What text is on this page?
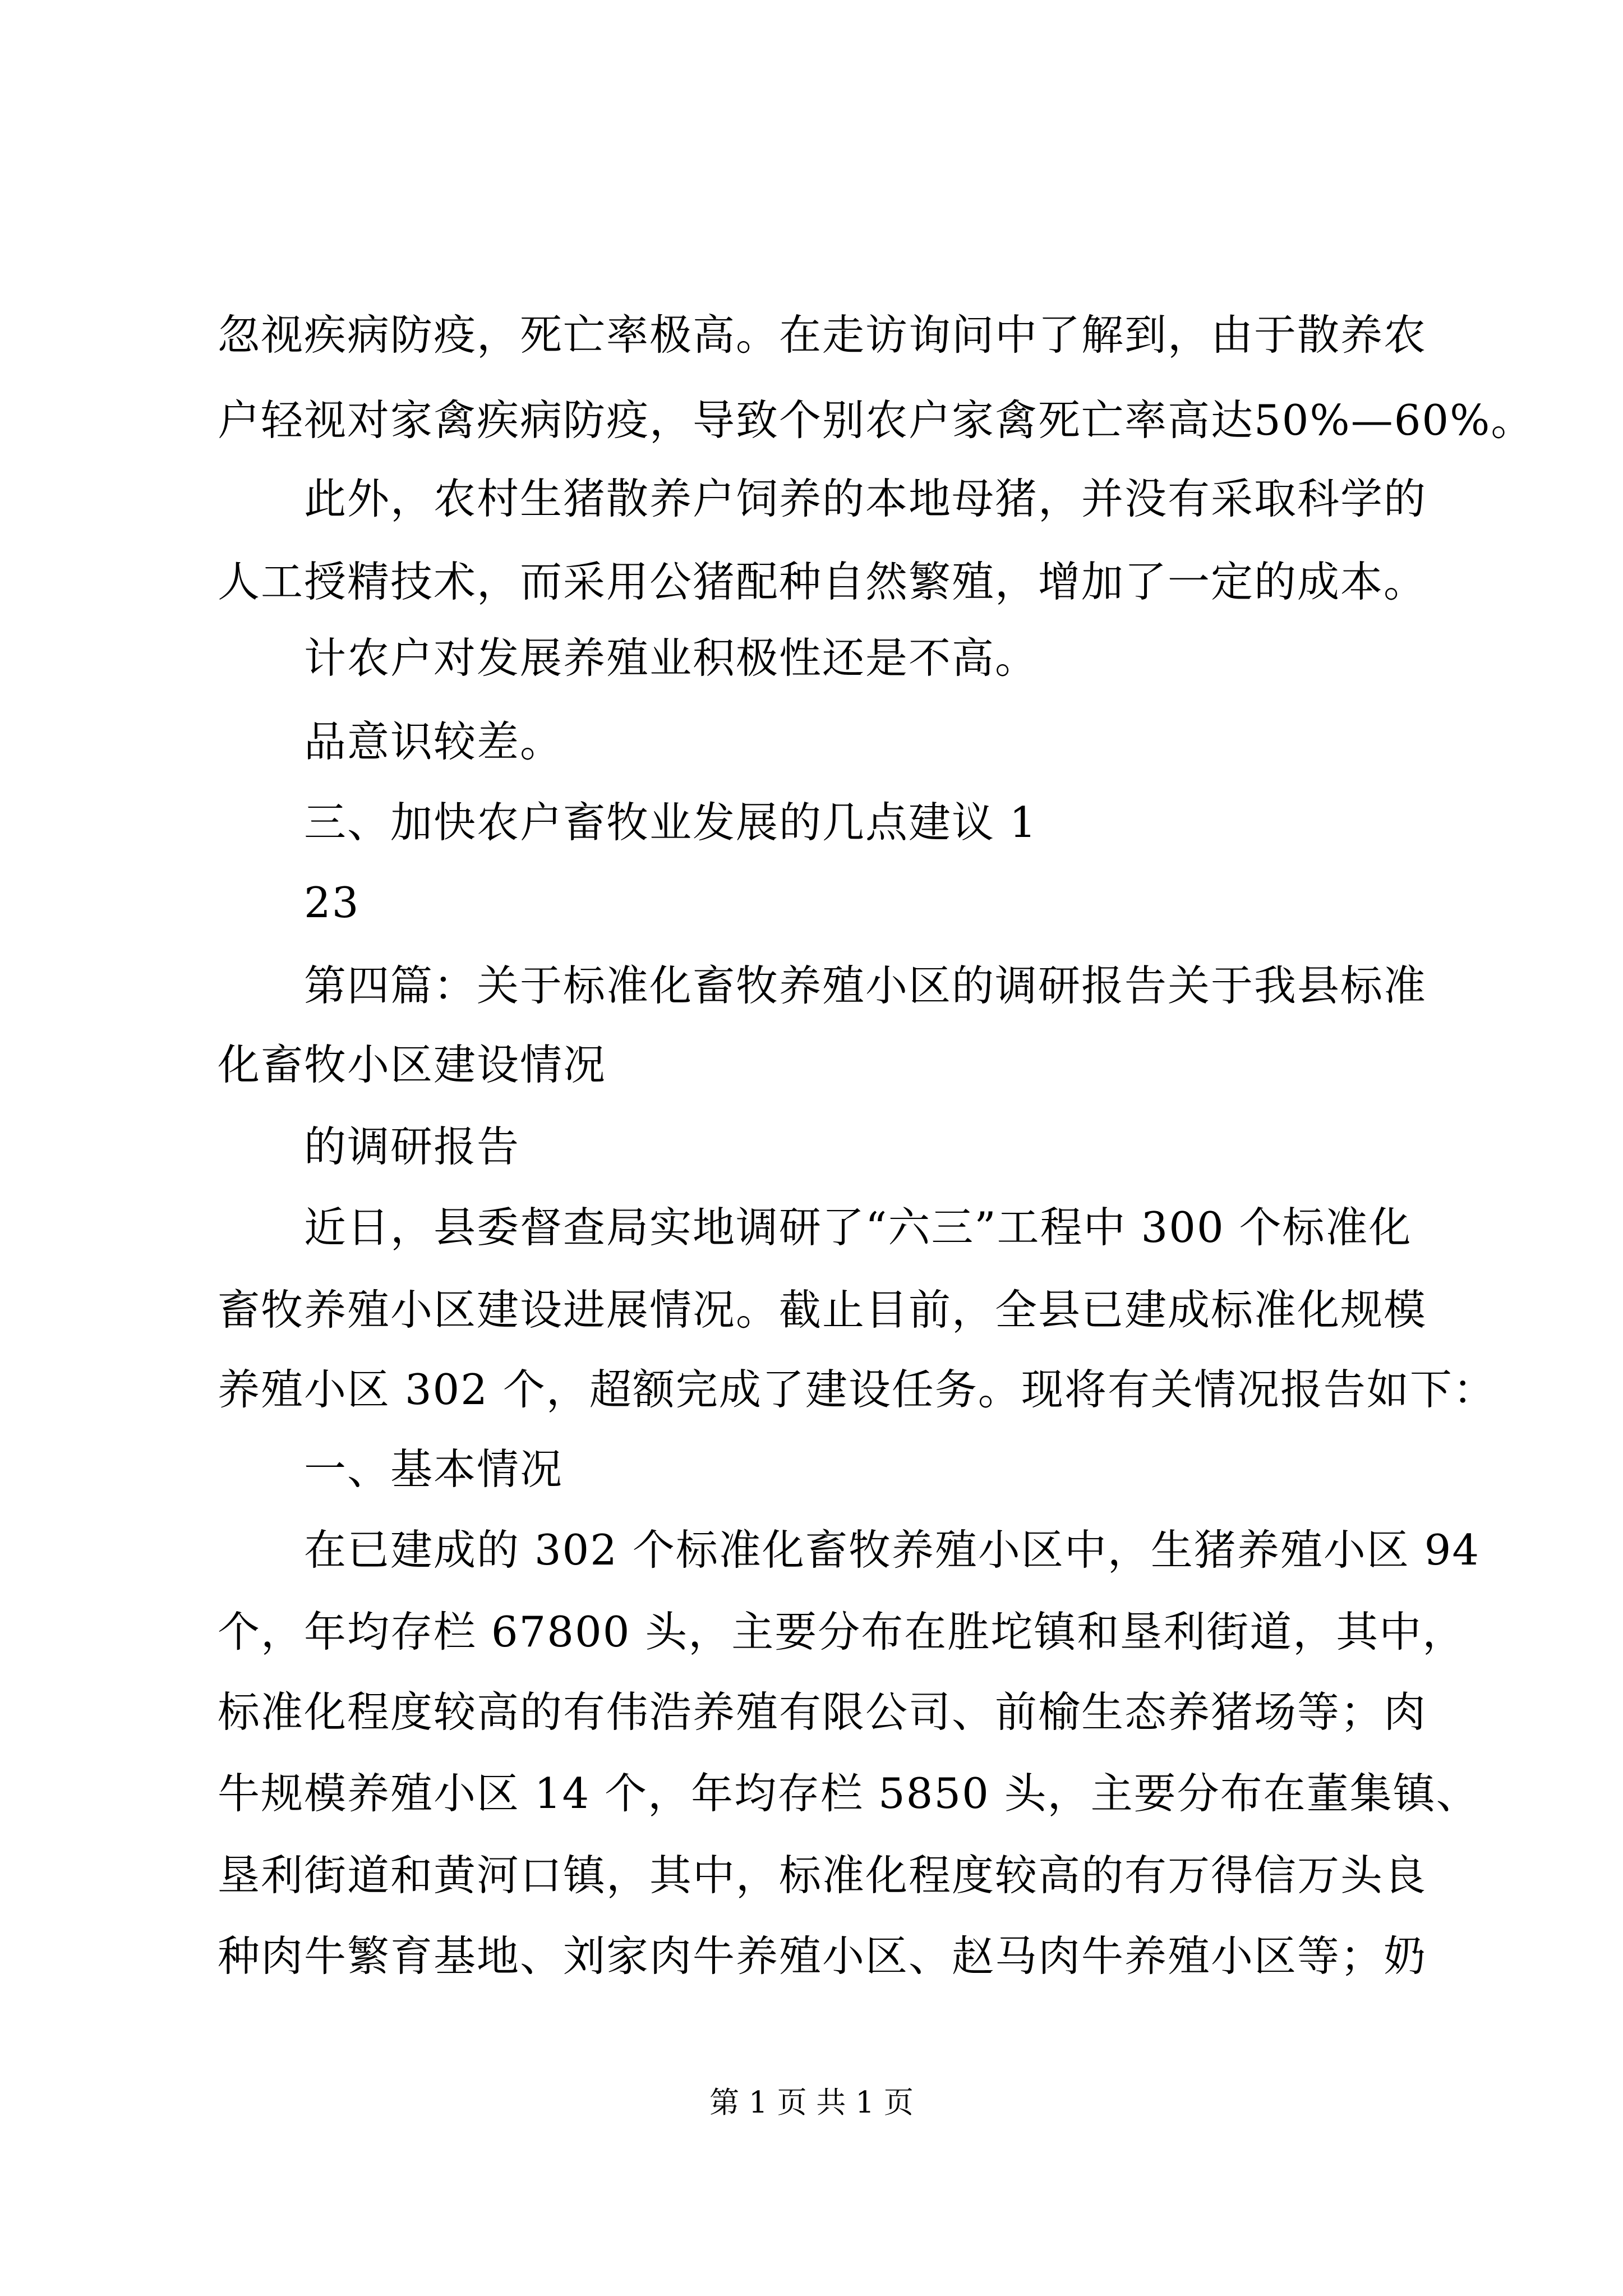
忽视疾病防疫，死亡率极高。在走访询问中了解到，由于散养农
户轻视对家禽疾病防疫，导致个别农户家禽死亡率高达50%—60%。
此外，农村生猪散养户饲养的本地母猪，并没有采取科学的
人工授精技术，而采用公猪配种自然繁殖，增加了一定的成本。
计农户对发展养殖业积极性还是不高。
品意识较差。
三、加快农户畜牧业发展的几点建议 1
23
第四篇：关于标准化畜牧养殖小区的调研报告关于我县标准
化畜牧小区建设情况
的调研报告
近日，县委督查局实地调研了“六三”工程中 300 个标准化
畜牧养殖小区建设进展情况。截止目前，全县已建成标准化规模
养殖小区 302 个，超额完成了建设任务。现将有关情况报告如下：
一、基本情况
在已建成的 302 个标准化畜牧养殖小区中，生猪养殖小区 94
个，年均存栏 67800 头，主要分布在胜坨镇和垦利街道，其中，
标准化程度较高的有伟浩养殖有限公司、前榆生态养猪场等；肉
牛规模养殖小区 14 个，年均存栏 5850 头，主要分布在董集镇、
垦利街道和黄河口镇，其中，标准化程度较高的有万得信万头良
种肉牛繁育基地、刘家肉牛养殖小区、赵马肉牛养殖小区等；奶
第 1 页 共 1 页
